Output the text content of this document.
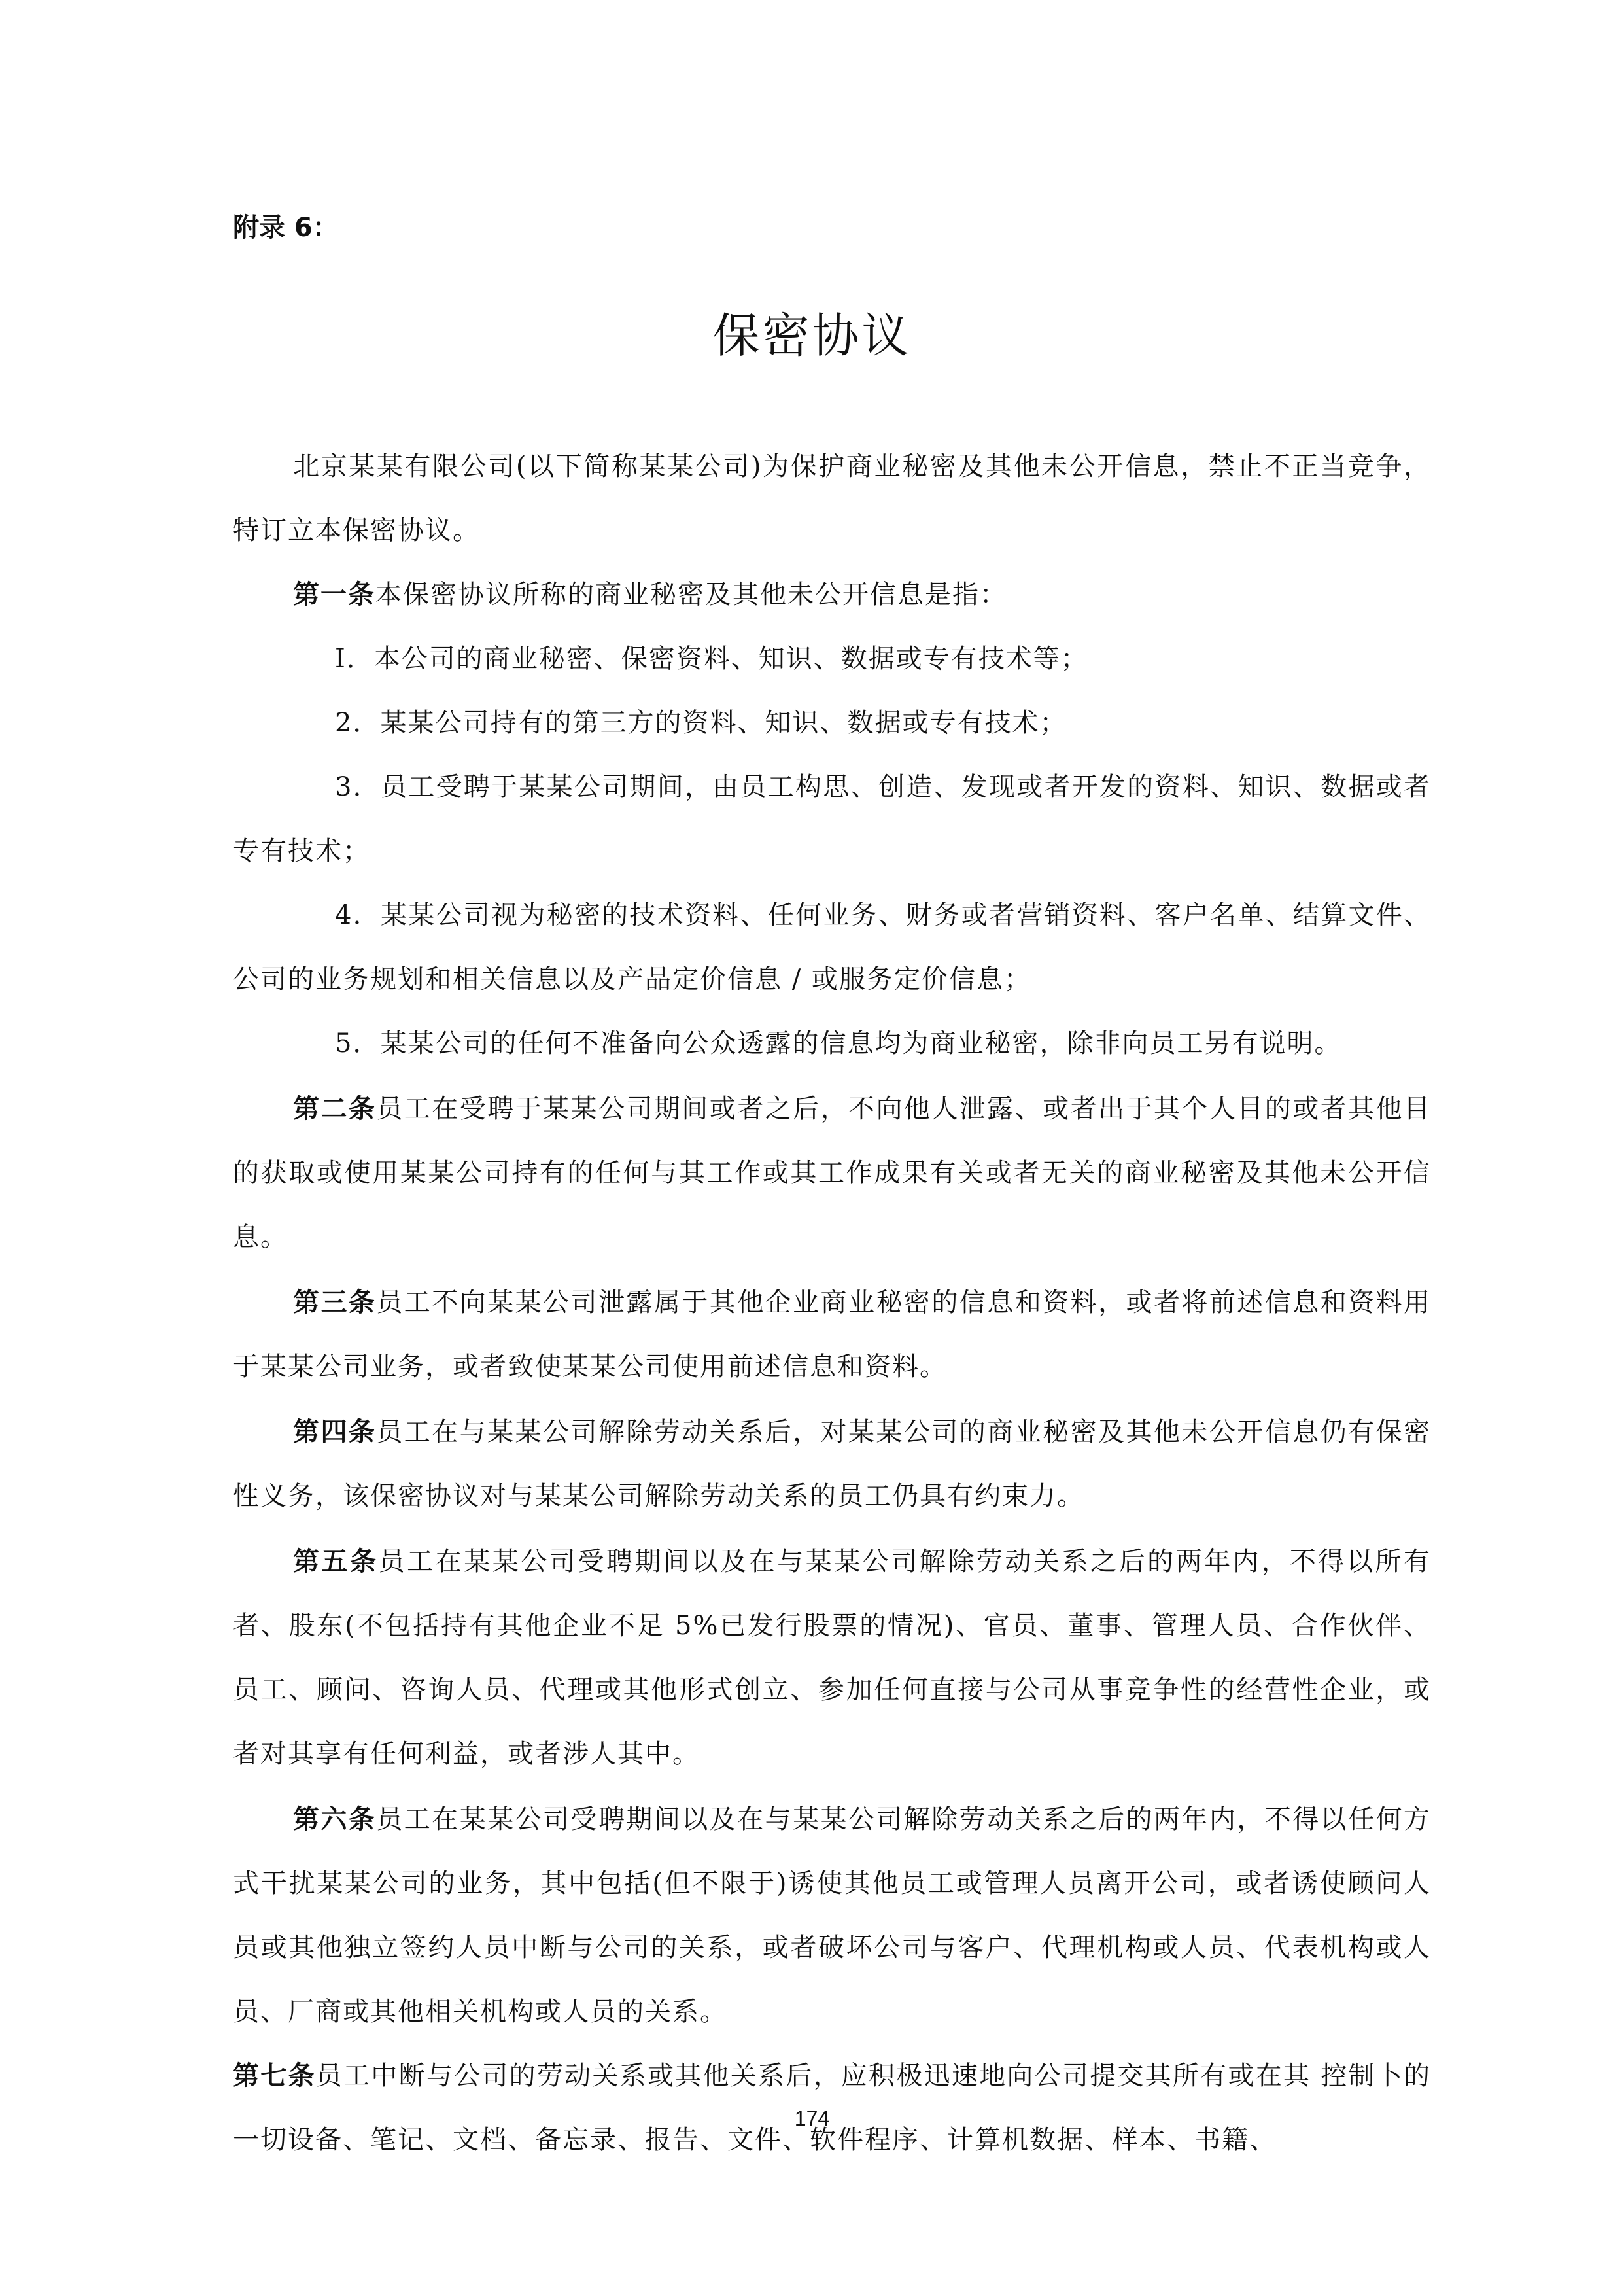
附录 6：

保密协议

北京某某有限公司(以下简称某某公司)为保护商业秘密及其他未公开信息，禁止不正当竞争，特订立本保密协议。

第一条本保密协议所称的商业秘密及其他未公开信息是指：

I．本公司的商业秘密、保密资料、知识、数据或专有技术等；

2．某某公司持有的第三方的资料、知识、数据或专有技术；

3．员工受聘于某某公司期间，由员工构思、创造、发现或者开发的资料、知识、数据或者专有技术；

4．某某公司视为秘密的技术资料、任何业务、财务或者营销资料、客户名单、结算文件、公司的业务规划和相关信息以及产品定价信息 / 或服务定价信息；

5．某某公司的任何不准备向公众透露的信息均为商业秘密，除非向员工另有说明。

第二条员工在受聘于某某公司期间或者之后，不向他人泄露、或者出于其个人目的或者其他目的获取或使用某某公司持有的任何与其工作或其工作成果有关或者无关的商业秘密及其他未公开信息。

第三条员工不向某某公司泄露属于其他企业商业秘密的信息和资料，或者将前述信息和资料用于某某公司业务，或者致使某某公司使用前述信息和资料。

第四条员工在与某某公司解除劳动关系后，对某某公司的商业秘密及其他未公开信息仍有保密性义务，该保密协议对与某某公司解除劳动关系的员工仍具有约束力。

第五条员工在某某公司受聘期间以及在与某某公司解除劳动关系之后的两年内，不得以所有者、股东(不包括持有其他企业不足 5%已发行股票的情况)、官员、董事、管理人员、合作伙伴、员工、顾问、咨询人员、代理或其他形式创立、参加任何直接与公司从事竞争性的经营性企业，或者对其享有任何利益，或者涉人其中。

第六条员工在某某公司受聘期间以及在与某某公司解除劳动关系之后的两年内，不得以任何方式干扰某某公司的业务，其中包括(但不限于)诱使其他员工或管理人员离开公司，或者诱使顾问人员或其他独立签约人员中断与公司的关系，或者破坏公司与客户、代理机构或人员、代表机构或人员、厂商或其他相关机构或人员的关系。

第七条员工中断与公司的劳动关系或其他关系后，应积极迅速地向公司提交其所有或在其 控制卜的一切设备、笔记、文档、备忘录、报告、文件、软件程序、计算机数据、样本、书籍、

174
